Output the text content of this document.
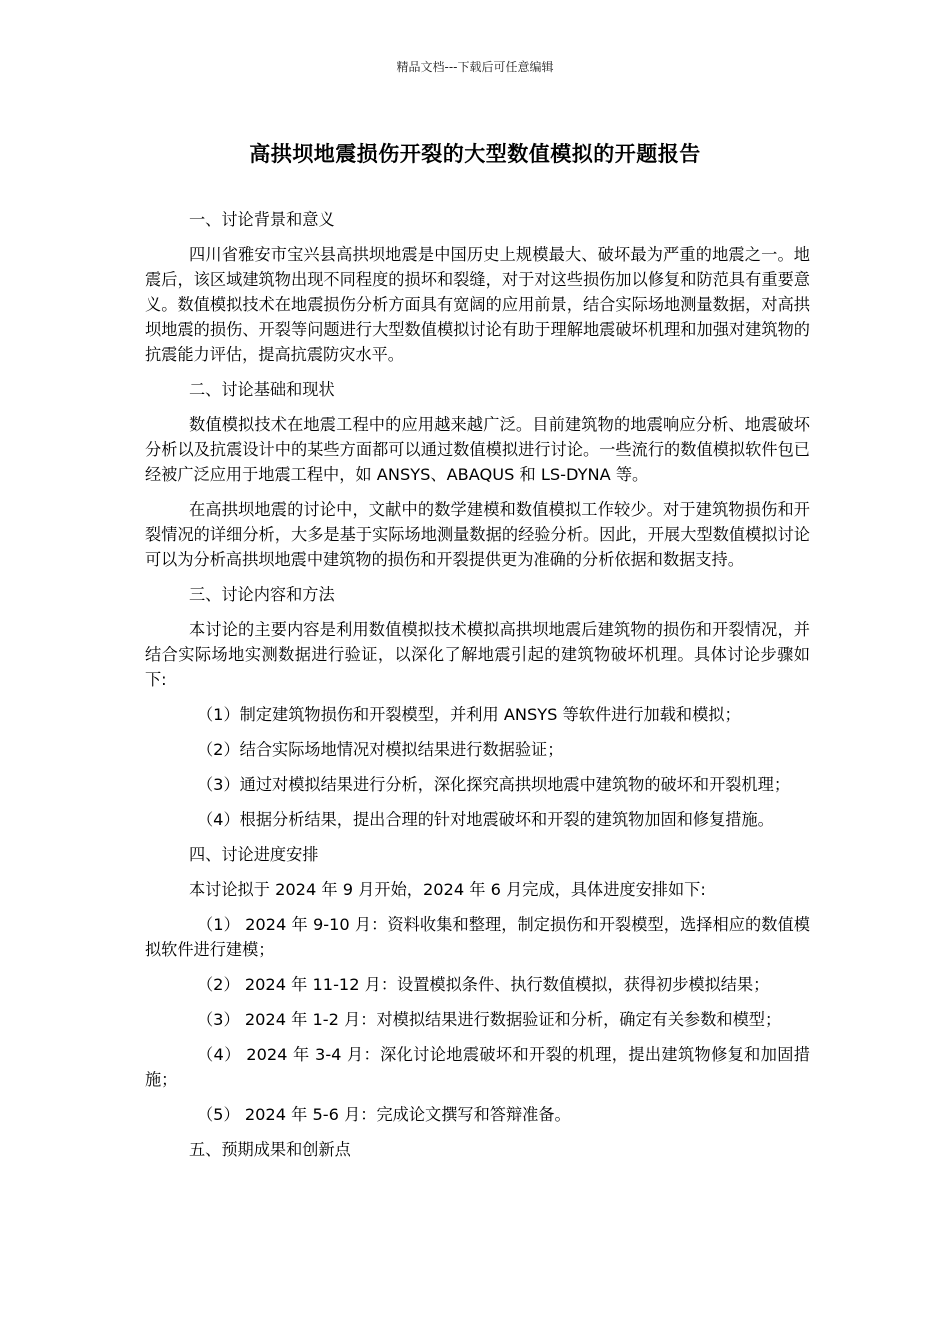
精品文档---下载后可任意编辑
高拱坝地震损伤开裂的大型数值模拟的开题报告

一、讨论背景和意义

四川省雅安市宝兴县高拱坝地震是中国历史上规模最大、破坏最为严重的地震之一。地震后，该区域建筑物出现不同程度的损坏和裂缝，对于对这些损伤加以修复和防范具有重要意义。数值模拟技术在地震损伤分析方面具有宽阔的应用前景，结合实际场地测量数据，对高拱坝地震的损伤、开裂等问题进行大型数值模拟讨论有助于理解地震破坏机理和加强对建筑物的抗震能力评估，提高抗震防灾水平。

二、讨论基础和现状

数值模拟技术在地震工程中的应用越来越广泛。目前建筑物的地震响应分析、地震破坏分析以及抗震设计中的某些方面都可以通过数值模拟进行讨论。一些流行的数值模拟软件包已经被广泛应用于地震工程中，如 ANSYS、ABAQUS 和 LS-DYNA 等。

在高拱坝地震的讨论中，文献中的数学建模和数值模拟工作较少。对于建筑物损伤和开裂情况的详细分析，大多是基于实际场地测量数据的经验分析。因此，开展大型数值模拟讨论可以为分析高拱坝地震中建筑物的损伤和开裂提供更为准确的分析依据和数据支持。

三、讨论内容和方法

本讨论的主要内容是利用数值模拟技术模拟高拱坝地震后建筑物的损伤和开裂情况，并结合实际场地实测数据进行验证，以深化了解地震引起的建筑物破坏机理。具体讨论步骤如下:

（1）制定建筑物损伤和开裂模型，并利用 ANSYS 等软件进行加载和模拟；

（2）结合实际场地情况对模拟结果进行数据验证；

（3）通过对模拟结果进行分析，深化探究高拱坝地震中建筑物的破坏和开裂机理；

（4）根据分析结果，提出合理的针对地震破坏和开裂的建筑物加固和修复措施。

四、讨论进度安排

本讨论拟于 2024 年 9 月开始，2024 年 6 月完成，具体进度安排如下:

（1） 2024 年 9-10 月：资料收集和整理，制定损伤和开裂模型，选择相应的数值模拟软件进行建模；

（2） 2024 年 11-12 月：设置模拟条件、执行数值模拟，获得初步模拟结果；

（3） 2024 年 1-2 月：对模拟结果进行数据验证和分析，确定有关参数和模型；

（4） 2024 年 3-4 月：深化讨论地震破坏和开裂的机理，提出建筑物修复和加固措施；

（5） 2024 年 5-6 月：完成论文撰写和答辩准备。

五、预期成果和创新点
